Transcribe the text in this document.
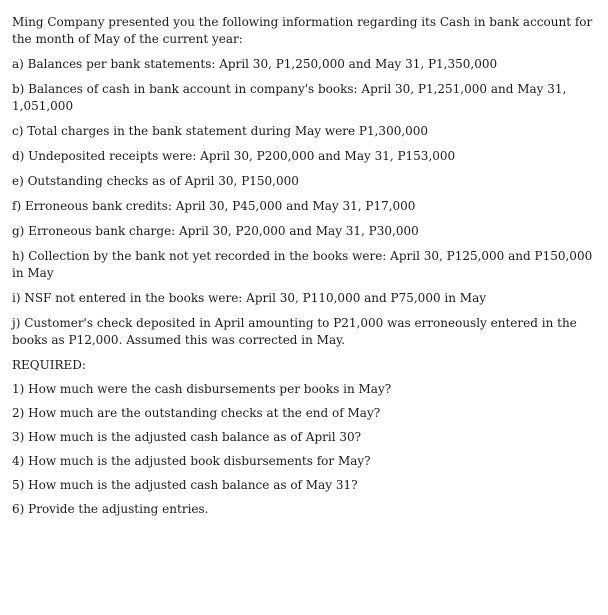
Ming Company presented you the following information regarding its Cash in bank account for the month of May of the current year:

a) Balances per bank statements: April 30, P1,250,000 and May 31, P1,350,000

b) Balances of cash in bank account in company's books: April 30, P1,251,000 and May 31, 1,051,000

c) Total charges in the bank statement during May were P1,300,000

d) Undeposited receipts were: April 30, P200,000 and May 31, P153,000

e) Outstanding checks as of April 30, P150,000

f) Erroneous bank credits: April 30, P45,000 and May 31, P17,000

g) Erroneous bank charge: April 30, P20,000 and May 31, P30,000

h) Collection by the bank not yet recorded in the books were: April 30, P125,000 and P150,000 in May

i) NSF not entered in the books were: April 30, P110,000 and P75,000 in May

j) Customer's check deposited in April amounting to P21,000 was erroneously entered in the books as P12,000. Assumed this was corrected in May.

REQUIRED:

1) How much were the cash disbursements per books in May?

2) How much are the outstanding checks at the end of May?

3) How much is the adjusted cash balance as of April 30?

4) How much is the adjusted book disbursements for May?

5) How much is the adjusted cash balance as of May 31?

6) Provide the adjusting entries.
